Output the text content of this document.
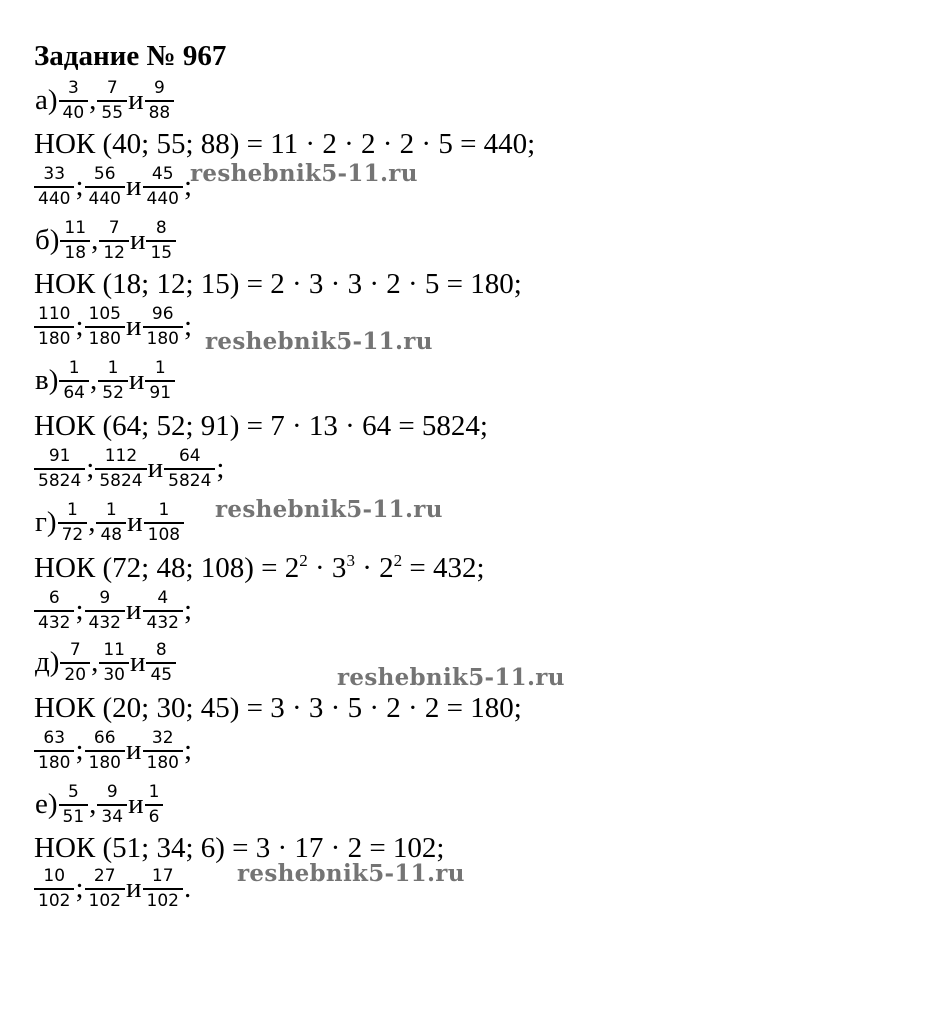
Задание № 967
$а) \frac{3}{40}$ , $\frac{7}{55}$ и $\frac{9}{88}$
НОК (40; 55; 88) = 11 · 2 · 2 · 2 · 5 = 440;
$\frac{33}{440}$ ; $\frac{56}{440}$ и $\frac{45}{440}$ ;
$б) \frac{11}{18}$ , $\frac{7}{12}$ и $\frac{8}{15}$
НОК (18; 12; 15) = 2 · 3 · 3 · 2 · 5 = 180;
$\frac{110}{180}$ ; $\frac{105}{180}$ и $\frac{96}{180}$ ;
$в) \frac{1}{64}$ , $\frac{1}{52}$ и $\frac{1}{91}$
НОК (64; 52; 91) = 7 · 13 · 64 = 5824;
$\frac{91}{5824}$ ; $\frac{112}{5824}$ и $\frac{64}{5824}$ ;
$г) \frac{1}{72}$ , $\frac{1}{48}$ и $\frac{1}{108}$
НОК (72; 48; $108) = 2^2 \cdot 3^3 \cdot 2^2 = 432$;
$\frac{6}{432}$ ; $\frac{9}{432}$ и $\frac{4}{432}$ ;
$д) \frac{7}{20}$ , $\frac{11}{30}$ и $\frac{8}{45}$
НОК (20; 30; 45) = 3 · 3 · 5 · 2 · 2 = 180;
$\frac{63}{180}$ ; $\frac{66}{180}$ и $\frac{32}{180}$ ;
$е) \frac{5}{51}$ , $\frac{9}{34}$ и $\frac{1}{6}$
НОК (51; 34; 6) = 3 · 17 · 2 = 102;
$\frac{10}{102}$ ; $\frac{27}{102}$ и $\frac{17}{102}$ .
reshebnik5-11.ru
reshebnik5-11.ru
reshebnik5-11.ru
reshebnik5-11.ru
reshebnik5-11.ru
